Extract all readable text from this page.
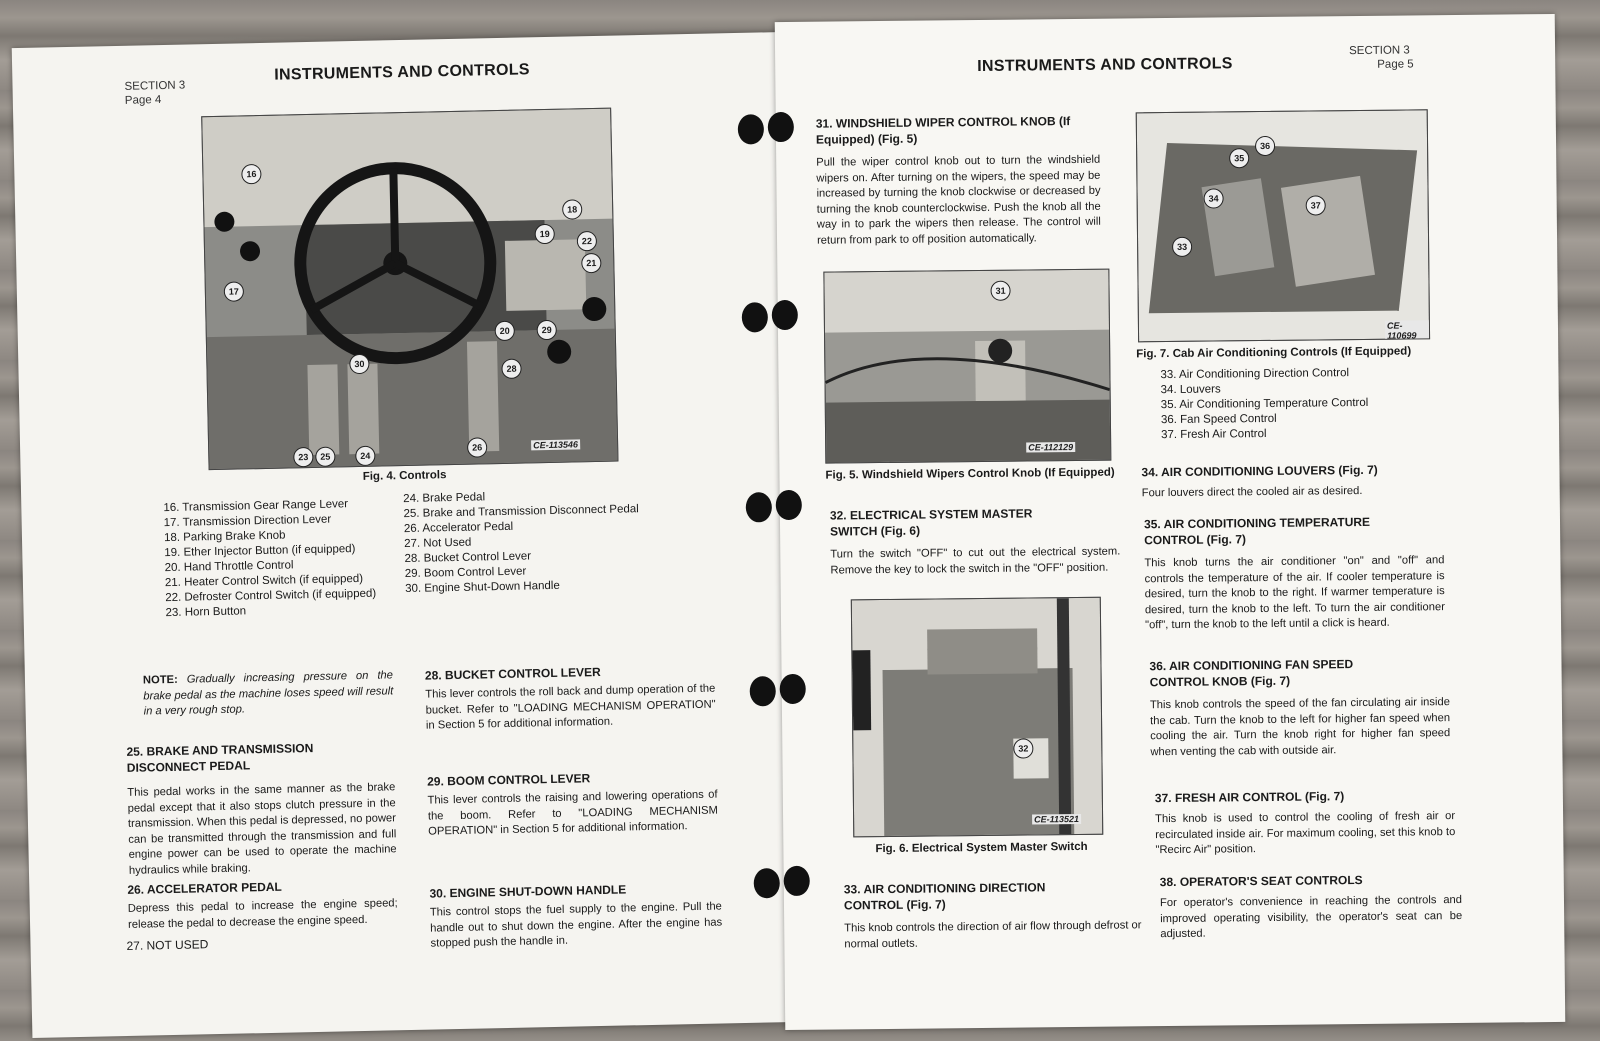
SECTION 3
Page 4
INSTRUMENTS AND CONTROLS
16
17
18
19
22
21
20	29
28
30
23	25	24
26	CE-113546
Fig. 4. Controls
16. Transmission Gear Range Lever
17. Transmission Direction Lever
18. Parking Brake Knob
19. Ether Injector Button (if equipped)
20. Hand Throttle Control
21. Heater Control Switch (if equipped)
22. Defroster Control Switch (if equipped)
23. Horn Button
24. Brake Pedal
25. Brake and Transmission Disconnect Pedal
26. Accelerator Pedal
27. Not Used
28. Bucket Control Lever
29. Boom Control Lever
30. Engine Shut-Down Handle
NOTE: Gradually increasing pressure on the brake pedal as the machine loses speed will result in a very rough stop.
25. BRAKE AND TRANSMISSION DISCONNECT PEDAL
This pedal works in the same manner as the brake pedal except that it also stops clutch pressure in the transmission. When this pedal is depressed, no power can be transmitted through the transmission and full engine power can be used to operate the machine hydraulics while braking.
26. ACCELERATOR PEDAL
Depress this pedal to increase the engine speed; release the pedal to decrease the engine speed.
27. NOT USED
28. BUCKET CONTROL LEVER
This lever controls the roll back and dump operation of the bucket. Refer to "LOADING MECHANISM OPERATION" in Section 5 for additional information.
29. BOOM CONTROL LEVER
This lever controls the raising and lowering operations of the boom. Refer to "LOADING MECHANISM OPERATION" in Section 5 for additional information.
30. ENGINE SHUT-DOWN HANDLE
This control stops the fuel supply to the engine. Pull the handle out to shut down the engine. After the engine has stopped push the handle in.
SECTION 3
Page 5
INSTRUMENTS AND CONTROLS
31. WINDSHIELD WIPER CONTROL KNOB (If Equipped) (Fig. 5)
Pull the wiper control knob out to turn the windshield wipers on. After turning on the wipers, the speed may be increased by turning the knob clockwise or decreased by turning the knob counterclockwise. Push the knob all the way in to park the wipers then release. The control will return from park to off position automatically.
31
CE-112129
Fig. 5. Windshield Wipers Control Knob (If Equipped)
32. ELECTRICAL SYSTEM MASTER SWITCH (Fig. 6)
Turn the switch "OFF" to cut out the electrical system. Remove the key to lock the switch in the "OFF" position.
32
CE-113521
Fig. 6. Electrical System Master Switch
33. AIR CONDITIONING DIRECTION CONTROL (Fig. 7)
This knob controls the direction of air flow through defrost or normal outlets.
35
36
34
37
33
CE-110699
Fig. 7. Cab Air Conditioning Controls (If Equipped)
33. Air Conditioning Direction Control
34. Louvers
35. Air Conditioning Temperature Control
36. Fan Speed Control
37. Fresh Air Control
34. AIR CONDITIONING LOUVERS (Fig. 7)
Four louvers direct the cooled air as desired.
35. AIR CONDITIONING TEMPERATURE CONTROL (Fig. 7)
This knob turns the air conditioner "on" and "off" and controls the temperature of the air. If cooler temperature is desired, turn the knob to the right. If warmer temperature is desired, turn the knob to the left. To turn the air conditioner "off", turn the knob to the left until a click is heard.
36. AIR CONDITIONING FAN SPEED CONTROL KNOB (Fig. 7)
This knob controls the speed of the fan circulating air inside the cab. Turn the knob to the left for higher fan speed when cooling the air. Turn the knob right for higher fan speed when venting the cab with outside air.
37. FRESH AIR CONTROL (Fig. 7)
This knob is used to control the cooling of fresh air or recirculated inside air. For maximum cooling, set this knob to "Recirc Air" position.
38. OPERATOR'S SEAT CONTROLS
For operator's convenience in reaching the controls and improved operating visibility, the operator's seat can be adjusted.
